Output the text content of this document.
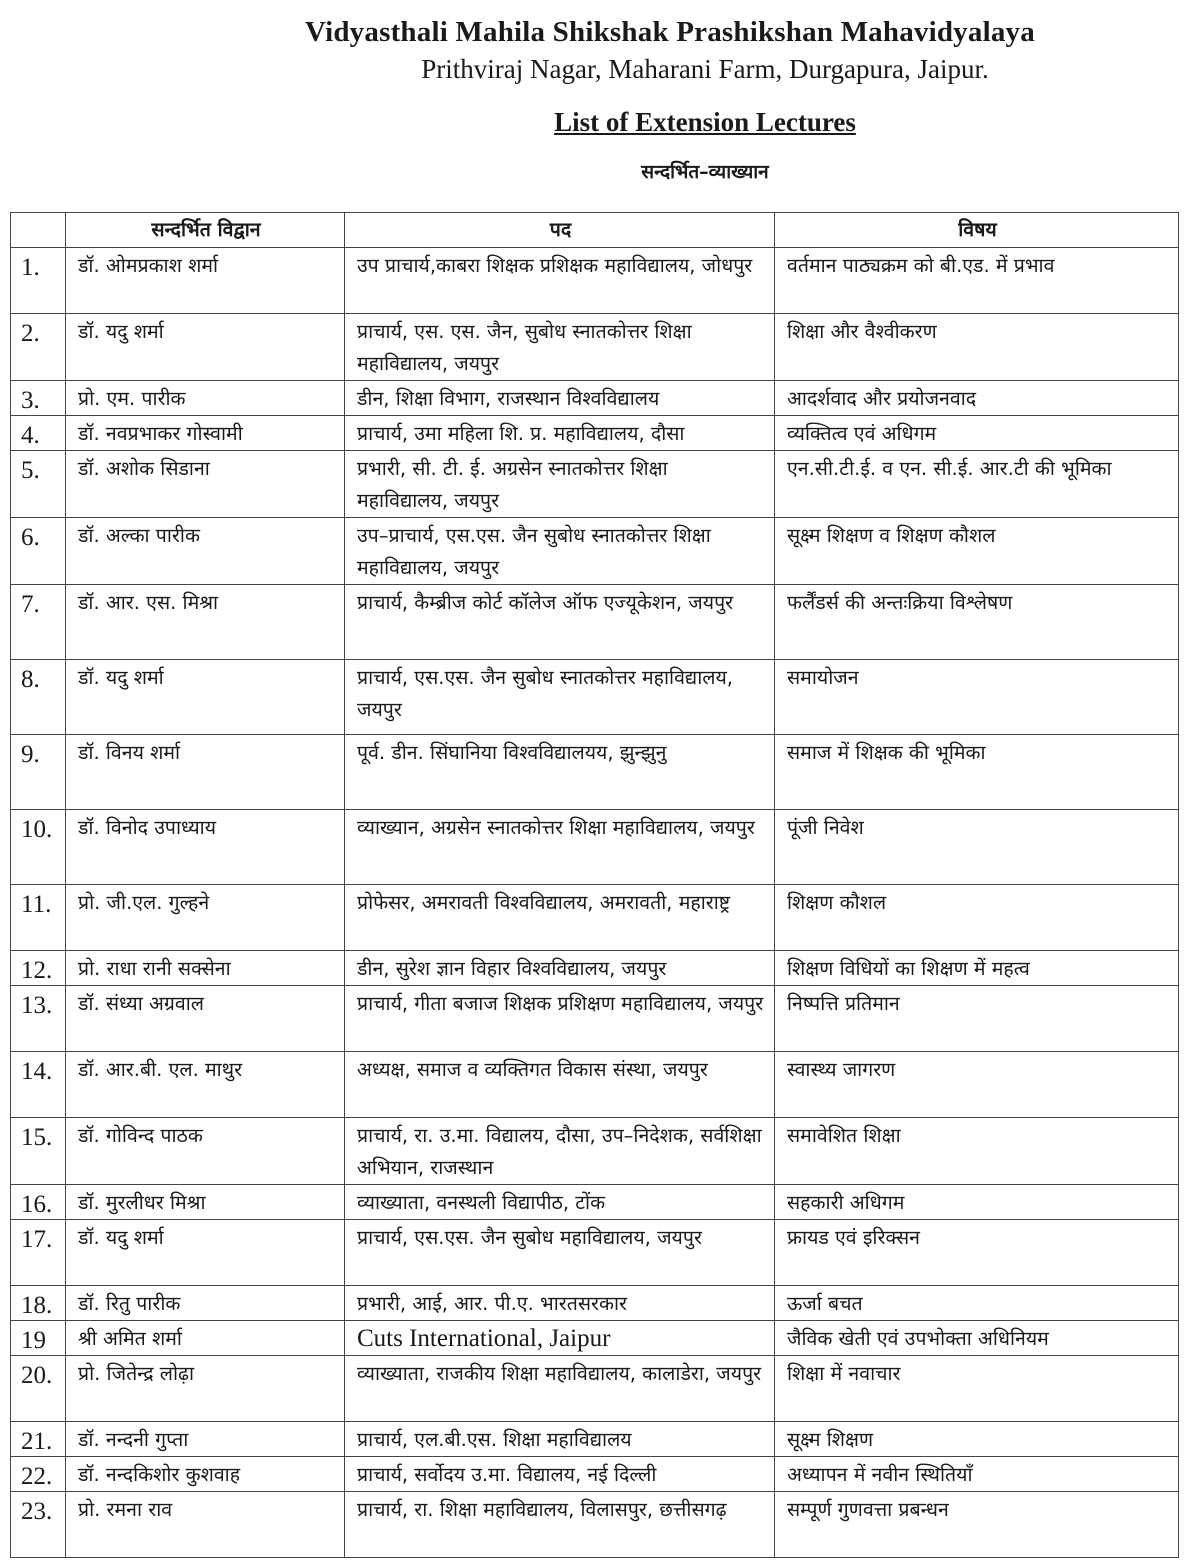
Vidyasthali Mahila Shikshak Prashikshan Mahavidyalaya
Prithviraj Nagar, Maharani Farm, Durgapura, Jaipur.
List of Extension Lectures
सन्दर्भित–व्याख्यान
	सन्दर्भित विद्वान	पद	विषय
1.	डॉ. ओमप्रकाश शर्मा	उप प्राचार्य,काबरा शिक्षक प्रशिक्षक महाविद्यालय, जोधपुर	वर्तमान पाठ्यक्रम को बी.एड. में प्रभाव
2.	डॉ. यदु शर्मा	प्राचार्य, एस. एस. जैन, सुबोध स्नातकोत्तर शिक्षा महाविद्यालय, जयपुर	शिक्षा और वैश्वीकरण
3.	प्रो. एम. पारीक	डीन, शिक्षा विभाग, राजस्थान विश्वविद्यालय	आदर्शवाद और प्रयोजनवाद
4.	डॉ. नवप्रभाकर गोस्वामी	प्राचार्य, उमा महिला शि. प्र. महाविद्यालय, दौसा	व्यक्तित्व एवं अधिगम
5.	डॉ. अशोक सिडाना	प्रभारी, सी. टी. ई. अग्रसेन स्नातकोत्तर शिक्षा महाविद्यालय, जयपुर	एन.सी.टी.ई. व एन. सी.ई. आर.टी की भूमिका
6.	डॉ. अल्का पारीक	उप–प्राचार्य, एस.एस. जैन सुबोध स्नातकोत्तर शिक्षा महाविद्यालय, जयपुर	सूक्ष्म शिक्षण व शिक्षण कौशल
7.	डॉ. आर. एस. मिश्रा	प्राचार्य, कैम्ब्रीज कोर्ट कॉलेज ऑफ एज्यूकेशन, जयपुर	फर्लैंडर्स की अन्तःक्रिया विश्लेषण
8.	डॉ. यदु शर्मा	प्राचार्य, एस.एस. जैन सुबोध स्नातकोत्तर महाविद्यालय, जयपुर	समायोजन
9.	डॉ. विनय शर्मा	पूर्व. डीन. सिंघानिया विश्वविद्यालयय, झुन्झुनु	समाज में शिक्षक की भूमिका
10.	डॉ. विनोद उपाध्याय	व्याख्यान, अग्रसेन स्नातकोत्तर शिक्षा महाविद्यालय, जयपुर	पूंजी निवेश
11.	प्रो. जी.एल. गुल्हने	प्रोफेसर, अमरावती विश्वविद्यालय, अमरावती, महाराष्ट्र	शिक्षण कौशल
12.	प्रो. राधा रानी सक्सेना	डीन, सुरेश ज्ञान विहार विश्वविद्यालय, जयपुर	शिक्षण विधियों का शिक्षण में महत्व
13.	डॉ. संध्या अग्रवाल	प्राचार्य, गीता बजाज शिक्षक प्रशिक्षण महाविद्यालय, जयपुर	निष्पत्ति प्रतिमान
14.	डॉ. आर.बी. एल. माथुर	अध्यक्ष, समाज व व्यक्तिगत विकास संस्था, जयपुर	स्वास्थ्य जागरण
15.	डॉ. गोविन्द पाठक	प्राचार्य, रा. उ.मा. विद्यालय, दौसा, उप–निदेशक, सर्वशिक्षा अभियान, राजस्थान	समावेशित शिक्षा
16.	डॉ. मुरलीधर मिश्रा	व्याख्याता, वनस्थली विद्यापीठ, टोंक	सहकारी अधिगम
17.	डॉ. यदु शर्मा	प्राचार्य, एस.एस. जैन सुबोध महाविद्यालय, जयपुर	फ्रायड एवं इरिक्सन
18.	डॉ. रितु पारीक	प्रभारी, आई, आर. पी.ए. भारतसरकार	ऊर्जा बचत
19	श्री अमित शर्मा	Cuts International, Jaipur	जैविक खेती एवं उपभोक्ता अधिनियम
20.	प्रो. जितेन्द्र लोढ़ा	व्याख्याता, राजकीय शिक्षा महाविद्यालय, कालाडेरा, जयपुर	शिक्षा में नवाचार
21.	डॉ. नन्दनी गुप्ता	प्राचार्य, एल.बी.एस. शिक्षा महाविद्यालय	सूक्ष्म शिक्षण
22.	डॉ. नन्दकिशोर कुशवाह	प्राचार्य, सर्वोदय उ.मा. विद्यालय, नई दिल्ली	अध्यापन में नवीन स्थितियाँ
23.	प्रो. रमना राव	प्राचार्य, रा. शिक्षा महाविद्यालय, विलासपुर, छत्तीसगढ़	सम्पूर्ण गुणवत्ता प्रबन्धन
